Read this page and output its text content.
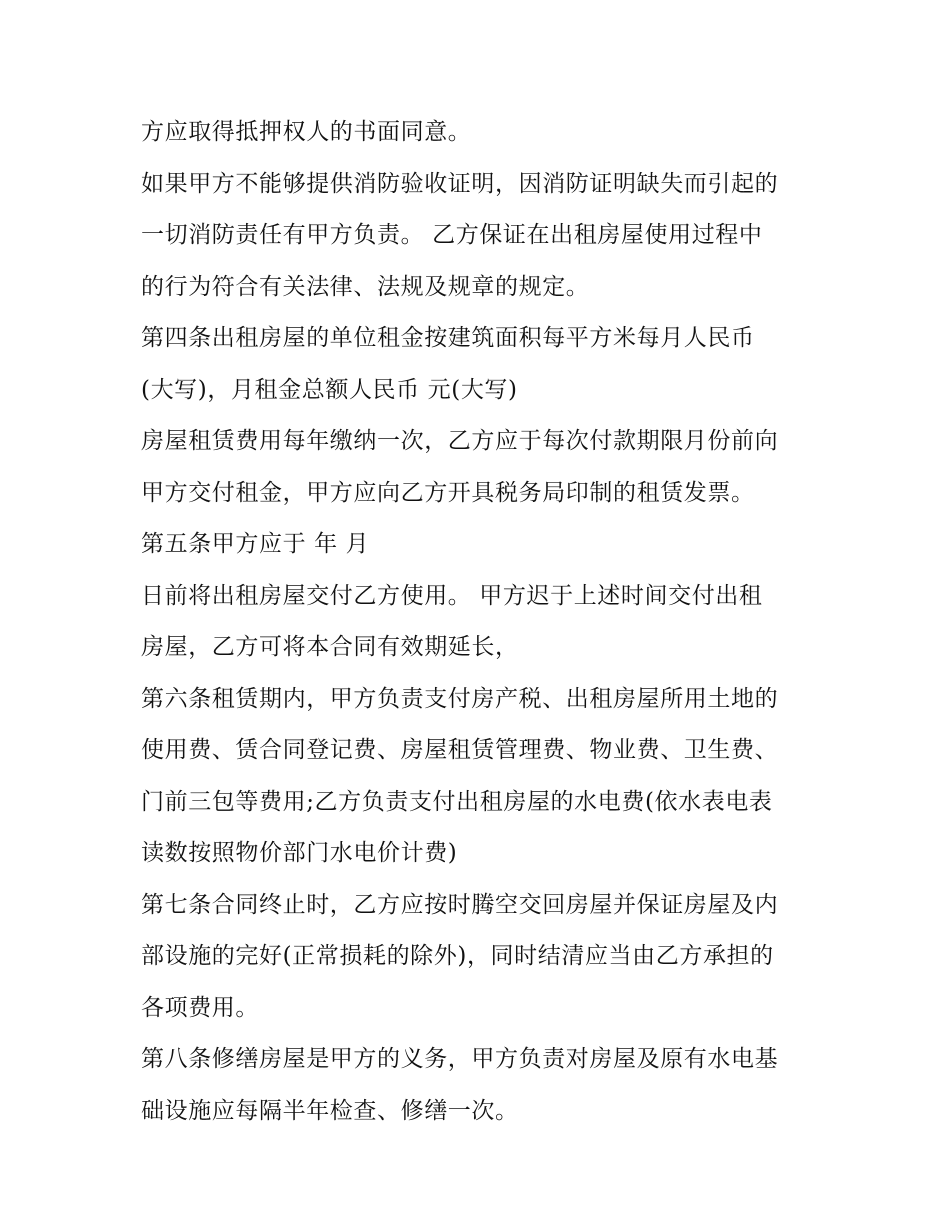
方应取得抵押权人的书面同意。
如果甲方不能够提供消防验收证明，因消防证明缺失而引起的
一切消防责任有甲方负责。 乙方保证在出租房屋使用过程中
的行为符合有关法律、法规及规章的规定。
第四条出租房屋的单位租金按建筑面积每平方米每月人民币
(大写)，月租金总额人民币 元(大写)
房屋租赁费用每年缴纳一次，乙方应于每次付款期限月份前向
甲方交付租金，甲方应向乙方开具税务局印制的租赁发票。
第五条甲方应于 年 月
日前将出租房屋交付乙方使用。 甲方迟于上述时间交付出租
房屋，乙方可将本合同有效期延长，
第六条租赁期内，甲方负责支付房产税、出租房屋所用土地的
使用费、赁合同登记费、房屋租赁管理费、物业费、卫生费、
门前三包等费用;乙方负责支付出租房屋的水电费(依水表电表
读数按照物价部门水电价计费)
第七条合同终止时，乙方应按时腾空交回房屋并保证房屋及内
部设施的完好(正常损耗的除外)，同时结清应当由乙方承担的
各项费用。
第八条修缮房屋是甲方的义务，甲方负责对房屋及原有水电基
础设施应每隔半年检查、修缮一次。
